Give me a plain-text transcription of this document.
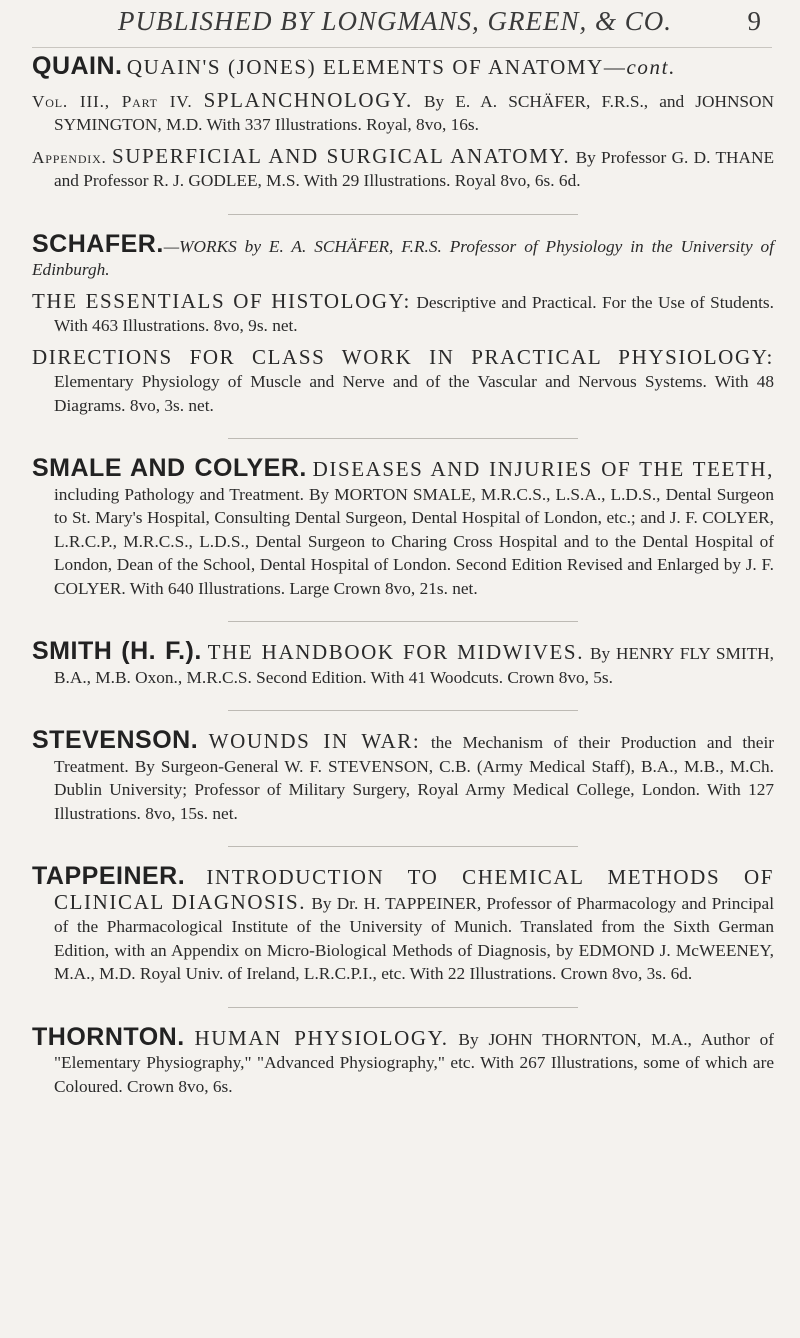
PUBLISHED BY LONGMANS, GREEN, & CO.	9

QUAIN. QUAIN'S (JONES) ELEMENTS OF ANATOMY—cont.

Vol. III., Part IV. SPLANCHNOLOGY. By E. A. SCHÄFER, F.R.S., and JOHNSON SYMINGTON, M.D. With 337 Illustrations. Royal, 8vo, 16s.

Appendix. SUPERFICIAL AND SURGICAL ANATOMY. By Professor G. D. THANE and Professor R. J. GODLEE, M.S. With 29 Illustrations. Royal 8vo, 6s. 6d.

SCHAFER.—WORKS by E. A. SCHÄFER, F.R.S. Professor of Physiology in the University of Edinburgh.

THE ESSENTIALS OF HISTOLOGY: Descriptive and Practical. For the Use of Students. With 463 Illustrations. 8vo, 9s. net.

DIRECTIONS FOR CLASS WORK IN PRACTICAL PHYSIOLOGY: Elementary Physiology of Muscle and Nerve and of the Vascular and Nervous Systems. With 48 Diagrams. 8vo, 3s. net.

SMALE AND COLYER. DISEASES AND INJURIES OF THE TEETH, including Pathology and Treatment. By MORTON SMALE, M.R.C.S., L.S.A., L.D.S., Dental Surgeon to St. Mary's Hospital, Consulting Dental Surgeon, Dental Hospital of London, etc.; and J. F. COLYER, L.R.C.P., M.R.C.S., L.D.S., Dental Surgeon to Charing Cross Hospital and to the Dental Hospital of London, Dean of the School, Dental Hospital of London. Second Edition Revised and Enlarged by J. F. COLYER. With 640 Illustrations. Large Crown 8vo, 21s. net.

SMITH (H. F.). THE HANDBOOK FOR MIDWIVES. By HENRY FLY SMITH, B.A., M.B. Oxon., M.R.C.S. Second Edition. With 41 Woodcuts. Crown 8vo, 5s.

STEVENSON. WOUNDS IN WAR: the Mechanism of their Production and their Treatment. By Surgeon-General W. F. STEVENSON, C.B. (Army Medical Staff), B.A., M.B., M.Ch. Dublin University; Professor of Military Surgery, Royal Army Medical College, London. With 127 Illustrations. 8vo, 15s. net.

TAPPEINER. INTRODUCTION TO CHEMICAL METHODS OF CLINICAL DIAGNOSIS. By Dr. H. TAPPEINER, Professor of Pharmacology and Principal of the Pharmacological Institute of the University of Munich. Translated from the Sixth German Edition, with an Appendix on Micro-Biological Methods of Diagnosis, by EDMOND J. McWEENEY, M.A., M.D. Royal Univ. of Ireland, L.R.C.P.I., etc. With 22 Illustrations. Crown 8vo, 3s. 6d.

THORNTON. HUMAN PHYSIOLOGY. By JOHN THORNTON, M.A., Author of "Elementary Physiography," "Advanced Physiography," etc. With 267 Illustrations, some of which are Coloured. Crown 8vo, 6s.
